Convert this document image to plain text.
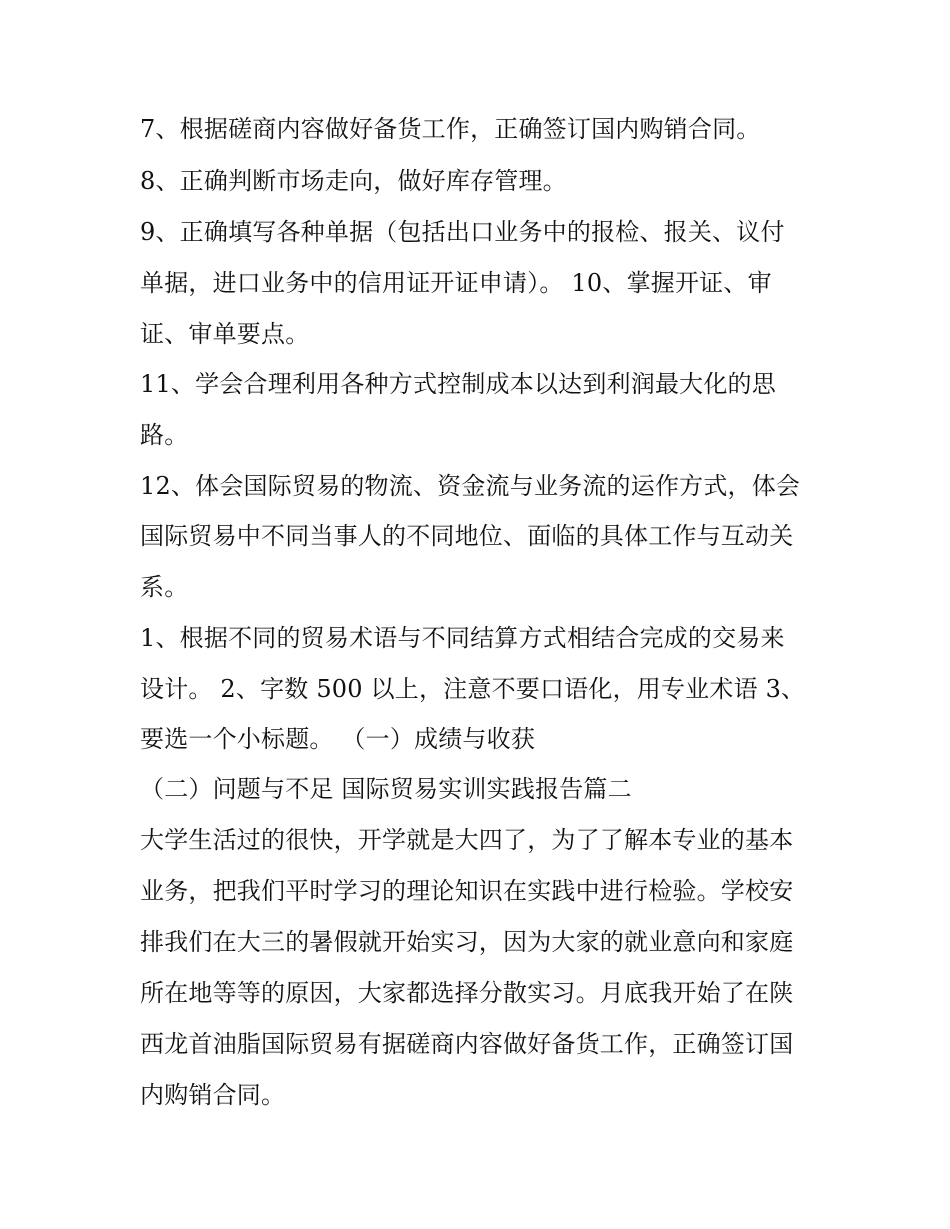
7、根据磋商内容做好备货工作，正确签订国内购销合同。
8、正确判断市场走向，做好库存管理。
9、正确填写各种单据（包括出口业务中的报检、报关、议付
单据，进口业务中的信用证开证申请）。 10、掌握开证、审
证、审单要点。
11、学会合理利用各种方式控制成本以达到利润最大化的思
路。
12、体会国际贸易的物流、资金流与业务流的运作方式，体会
国际贸易中不同当事人的不同地位、面临的具体工作与互动关
系。
1、根据不同的贸易术语与不同结算方式相结合完成的交易来
设计。 2、字数 500 以上，注意不要口语化，用专业术语 3、
要选一个小标题。 （一）成绩与收获
（二）问题与不足 国际贸易实训实践报告篇二
大学生活过的很快，开学就是大四了，为了了解本专业的基本
业务，把我们平时学习的理论知识在实践中进行检验。学校安
排我们在大三的暑假就开始实习，因为大家的就业意向和家庭
所在地等等的原因，大家都选择分散实习。月底我开始了在陕
西龙首油脂国际贸易有据磋商内容做好备货工作，正确签订国
内购销合同。
